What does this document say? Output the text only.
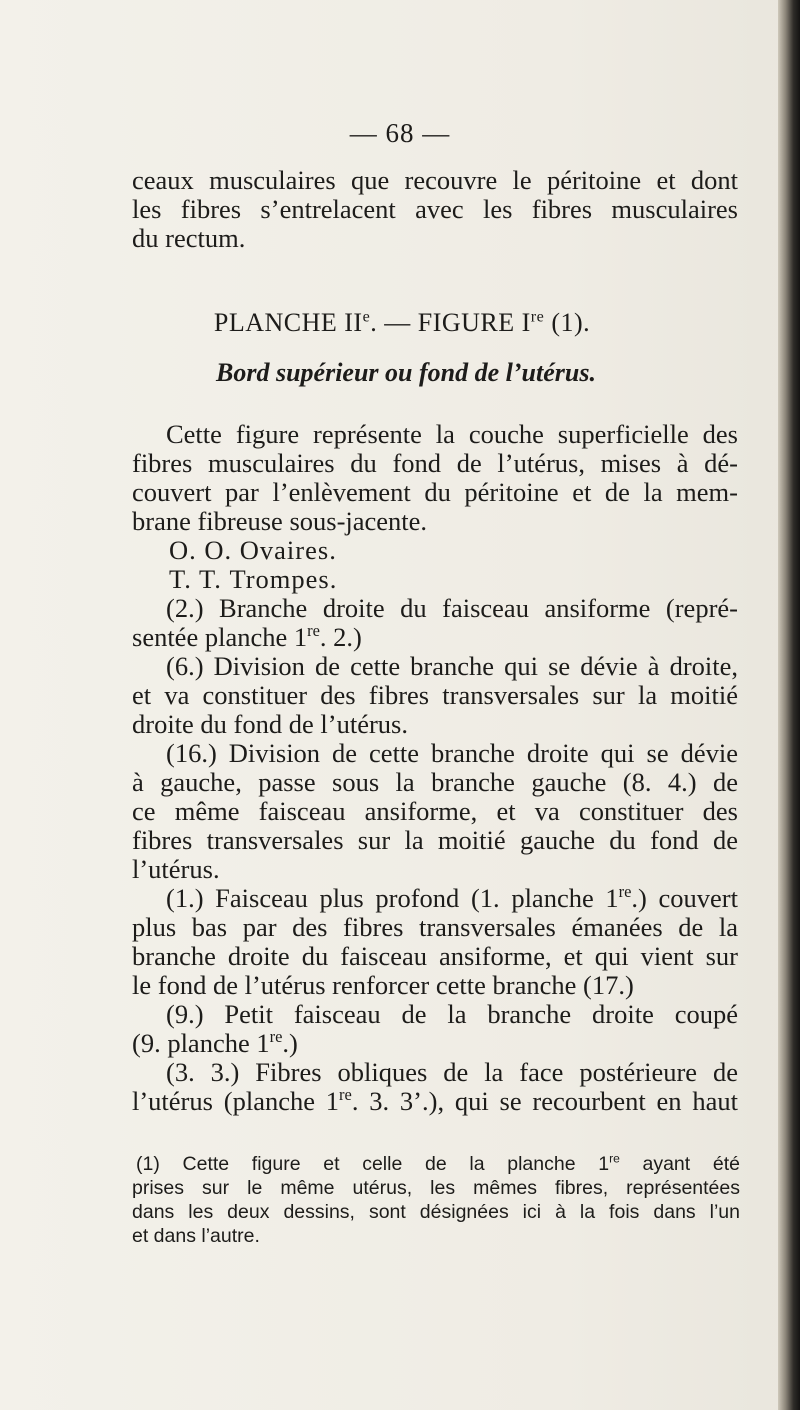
— 68 —

ceaux musculaires que recouvre le péritoine et dont

les fibres s’entrelacent avec les fibres musculaires

du rectum.

PLANCHE IIe. — FIGURE Ire (1).
Bord supérieur ou fond de l’utérus.

Cette figure représente la couche superficielle des

fibres musculaires du fond de l’utérus, mises à dé-

couvert par l’enlèvement du péritoine et de la mem-

brane fibreuse sous-jacente.

O. O. Ovaires.
T. T. Trompes.

(2.) Branche droite du faisceau ansiforme (repré-

sentée planche 1re. 2.)

(6.) Division de cette branche qui se dévie à droite,

et va constituer des fibres transversales sur la moitié

droite du fond de l’utérus.

(16.) Division de cette branche droite qui se dévie

à gauche, passe sous la branche gauche (8. 4.) de

ce même faisceau ansiforme, et va constituer des

fibres transversales sur la moitié gauche du fond de

l’utérus.

(1.) Faisceau plus profond (1. planche 1re.) couvert

plus bas par des fibres transversales émanées de la

branche droite du faisceau ansiforme, et qui vient sur

le fond de l’utérus renforcer cette branche (17.)

(9.) Petit faisceau de la branche droite coupé

(9. planche 1re.)

(3. 3.) Fibres obliques de la face postérieure de

l’utérus (planche 1re. 3. 3’.), qui se recourbent en haut

(1) Cette figure et celle de la planche 1re ayant été

prises sur le même utérus, les mêmes fibres, représentées

dans les deux dessins, sont désignées ici à la fois dans l’un

et dans l’autre.
